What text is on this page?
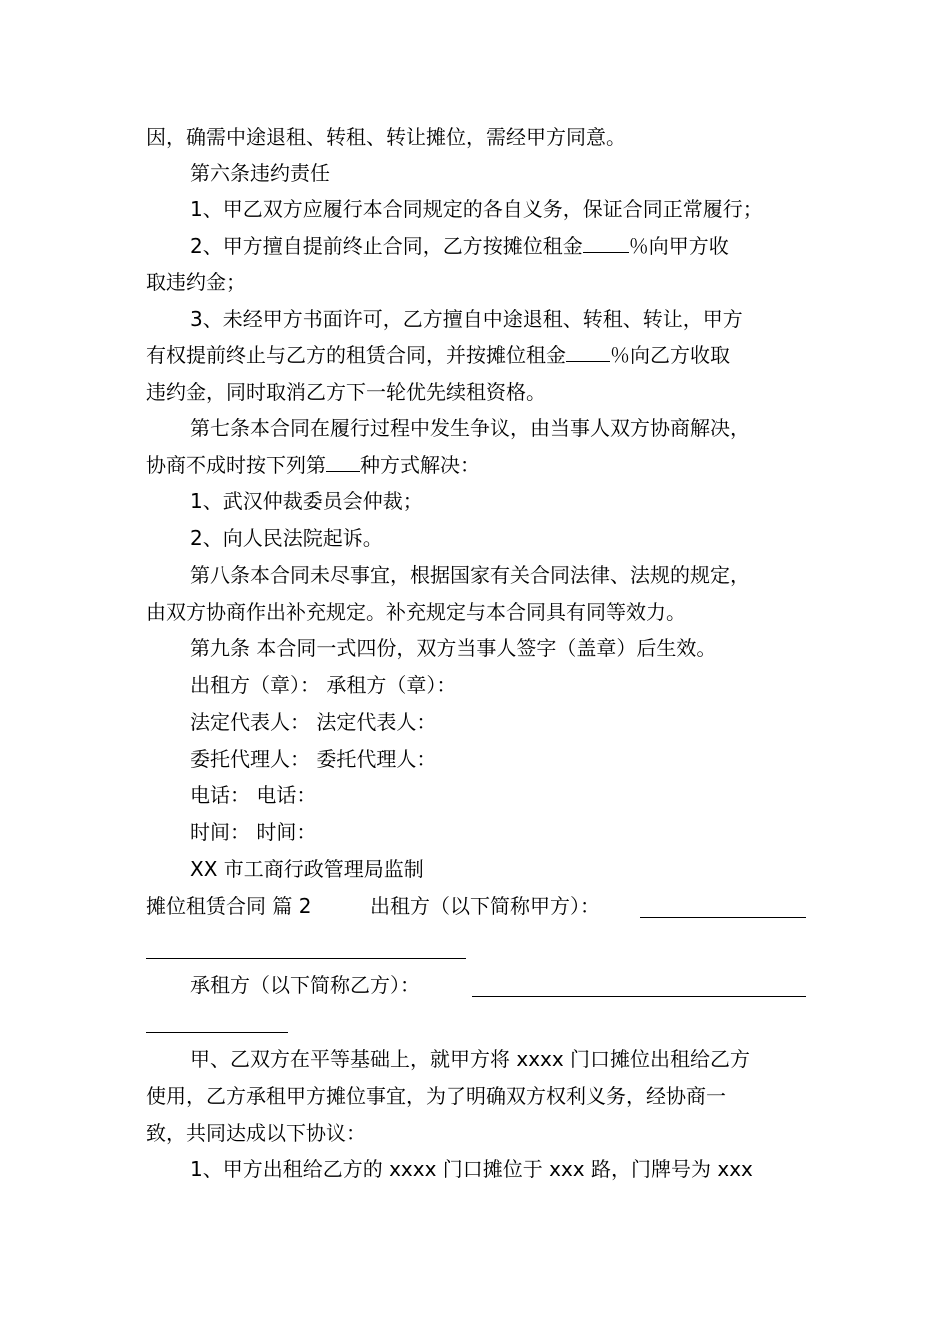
因，确需中途退租、转租、转让摊位，需经甲方同意。
第六条违约责任
1、甲乙双方应履行本合同规定的各自义务，保证合同正常履行；
2、甲方擅自提前终止合同，乙方按摊位租金 ％向甲方收
取违约金；
3、未经甲方书面许可，乙方擅自中途退租、转租、转让，甲方
有权提前终止与乙方的租赁合同，并按摊位租金 ％向乙方收取
违约金，同时取消乙方下一轮优先续租资格。
第七条本合同在履行过程中发生争议，由当事人双方协商解决，
协商不成时按下列第 种方式解决：
1、武汉仲裁委员会仲裁；
2、向人民法院起诉。
第八条本合同未尽事宜，根据国家有关合同法律、法规的规定，
由双方协商作出补充规定。补充规定与本合同具有同等效力。
第九条 本合同一式四份，双方当事人签字（盖章）后生效。
出租方（章）： 承租方（章）：
法定代表人： 法定代表人：
委托代理人： 委托代理人：
电话： 电话：
时间： 时间：
XX 市工商行政管理局监制
摊位租赁合同 篇 2	出租方（以下简称甲方）：
承租方（以下简称乙方）：
甲、乙双方在平等基础上，就甲方将 xxxx 门口摊位出租给乙方
使用，乙方承租甲方摊位事宜，为了明确双方权利义务，经协商一
致，共同达成以下协议：
1、甲方出租给乙方的 xxxx 门口摊位于 xxx 路，门牌号为 xxx
